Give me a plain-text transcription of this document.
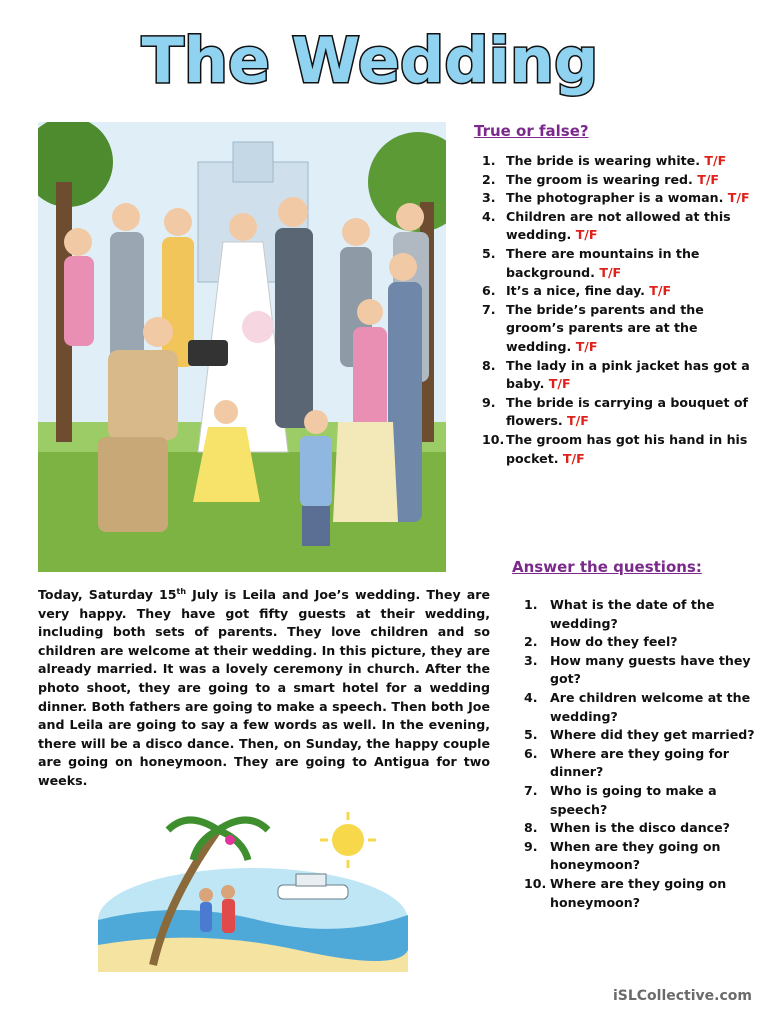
The Wedding
True or false?
1. The bride is wearing white. T/F
2. The groom is wearing red. T/F
3. The photographer is a woman. T/F
4. Children are not allowed at this wedding. T/F
5. There are mountains in the background. T/F
6. It’s a nice, fine day. T/F
7. The bride’s parents and the groom’s parents are at the wedding. T/F
8. The lady in a pink jacket has got a baby. T/F
9. The bride is carrying a bouquet of flowers. T/F
10. The groom has got his hand in his pocket. T/F

Today, Saturday 15th July is Leila and Joe’s wedding. They are very happy. They have got fifty guests at their wedding, including both sets of parents. They love children and so children are welcome at their wedding. In this picture, they are already married. It was a lovely ceremony in church. After the photo shoot, they are going to a smart hotel for a wedding dinner. Both fathers are going to make a speech. Then both Joe and Leila are going to say a few words as well. In the evening, there will be a disco dance. Then, on Sunday, the happy couple are going on honeymoon. They are going to Antigua for two weeks.

Answer the questions:
1. What is the date of the wedding?
2. How do they feel?
3. How many guests have they got?
4. Are children welcome at the wedding?
5. Where did they get married?
6. Where are they going for dinner?
7. Who is going to make a speech?
8. When is the disco dance?
9. When are they going on honeymoon?
10. Where are they going on honeymoon?
iSLCollective.com
